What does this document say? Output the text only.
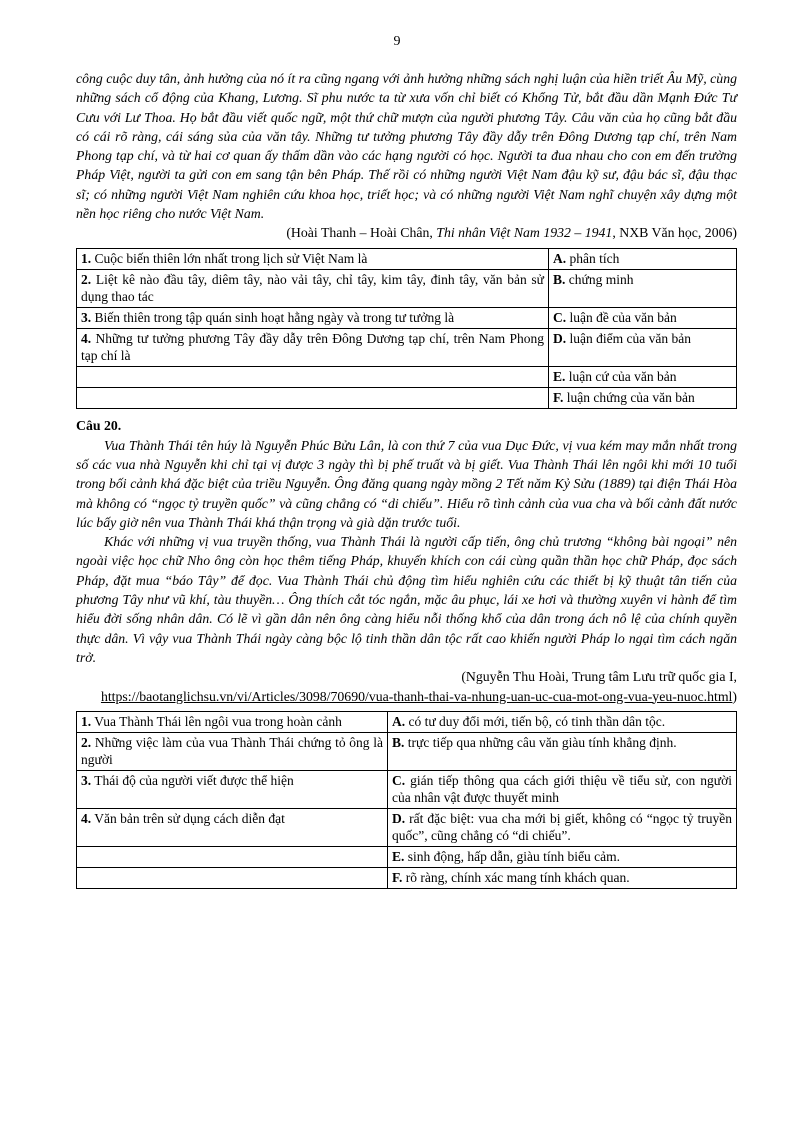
9

công cuộc duy tân, ảnh hưởng của nó ít ra cũng ngang với ảnh hưởng những sách nghị luận của hiền triết Âu Mỹ, cùng những sách cổ động của Khang, Lương. Sĩ phu nước ta từ xưa vốn chỉ biết có Khổng Tử, bắt đầu dần Mạnh Đức Tư Cưu với Lư Thoa. Họ bắt đầu viết quốc ngữ, một thứ chữ mượn của người phương Tây. Câu văn của họ cũng bắt đầu có cái rõ ràng, cái sáng sủa của văn tây. Những tư tưởng phương Tây đầy dẫy trên Đông Dương tạp chí, trên Nam Phong tạp chí, và từ hai cơ quan ấy thấm dần vào các hạng người có học. Người ta đua nhau cho con em đến trường Pháp Việt, người ta gửi con em sang tận bên Pháp. Thế rồi có những người Việt Nam đậu kỹ sư, đậu bác sĩ, đậu thạc sĩ; có những người Việt Nam nghiên cứu khoa học, triết học; và có những người Việt Nam nghĩ chuyện xây dựng một nền học riêng cho nước Việt Nam.

(Hoài Thanh – Hoài Chân, Thi nhân Việt Nam 1932 – 1941, NXB Văn học, 2006)

1. Cuộc biến thiên lớn nhất trong lịch sử Việt Nam là	A. phân tích
2. Liệt kê nào đầu tây, diêm tây, nào vải tây, chỉ tây, kim tây, đinh tây, văn bản sử dụng thao tác	B. chứng minh
3. Biến thiên trong tập quán sinh hoạt hằng ngày và trong tư tưởng là	C. luận đề của văn bản
4. Những tư tưởng phương Tây đầy dẫy trên Đông Dương tạp chí, trên Nam Phong tạp chí là	D. luận điểm của văn bản
	E. luận cứ của văn bản
	F. luận chứng của văn bản
Câu 20.

Vua Thành Thái tên húy là Nguyễn Phúc Bửu Lân, là con thứ 7 của vua Dục Đức, vị vua kém may mắn nhất trong số các vua nhà Nguyễn khi chỉ tại vị được 3 ngày thì bị phế truất và bị giết. Vua Thành Thái lên ngôi khi mới 10 tuổi trong bối cảnh khá đặc biệt của triều Nguyễn. Ông đăng quang ngày mồng 2 Tết năm Kỷ Sửu (1889) tại điện Thái Hòa mà không có “ngọc tỷ truyền quốc” và cũng chẳng có “di chiếu”. Hiểu rõ tình cảnh của vua cha và bối cảnh đất nước lúc bấy giờ nên vua Thành Thái khá thận trọng và già dặn trước tuổi.

Khác với những vị vua truyền thống, vua Thành Thái là người cấp tiến, ông chủ trương “không bài ngoại” nên ngoài việc học chữ Nho ông còn học thêm tiếng Pháp, khuyến khích con cái cùng quần thần học chữ Pháp, đọc sách Pháp, đặt mua “báo Tây” để đọc. Vua Thành Thái chủ động tìm hiểu nghiên cứu các thiết bị kỹ thuật tân tiến của phương Tây như vũ khí, tàu thuyền… Ông thích cắt tóc ngắn, mặc âu phục, lái xe hơi và thường xuyên vi hành để tìm hiểu đời sống nhân dân. Có lẽ vì gần dân nên ông càng hiểu nỗi thống khổ của dân trong ách nô lệ của chính quyền thực dân. Vì vậy vua Thành Thái ngày càng bộc lộ tinh thần dân tộc rất cao khiến người Pháp lo ngại tìm cách ngăn trở.

(Nguyễn Thu Hoài, Trung tâm Lưu trữ quốc gia I,
https://baotanglichsu.vn/vi/Articles/3098/70690/vua-thanh-thai-va-nhung-uan-uc-cua-mot-ong-vua-yeu-nuoc.html)

1. Vua Thành Thái lên ngôi vua trong hoàn cảnh	A. có tư duy đổi mới, tiến bộ, có tinh thần dân tộc.
2. Những việc làm của vua Thành Thái chứng tỏ ông là người	B. trực tiếp qua những câu văn giàu tính khẳng định.
3. Thái độ của người viết được thể hiện	C. gián tiếp thông qua cách giới thiệu về tiểu sử, con người của nhân vật được thuyết minh
4. Văn bản trên sử dụng cách diễn đạt	D. rất đặc biệt: vua cha mới bị giết, không có “ngọc tỷ truyền quốc”, cũng chẳng có “di chiếu”.
	E. sinh động, hấp dẫn, giàu tính biểu cảm.
	F. rõ ràng, chính xác mang tính khách quan.
